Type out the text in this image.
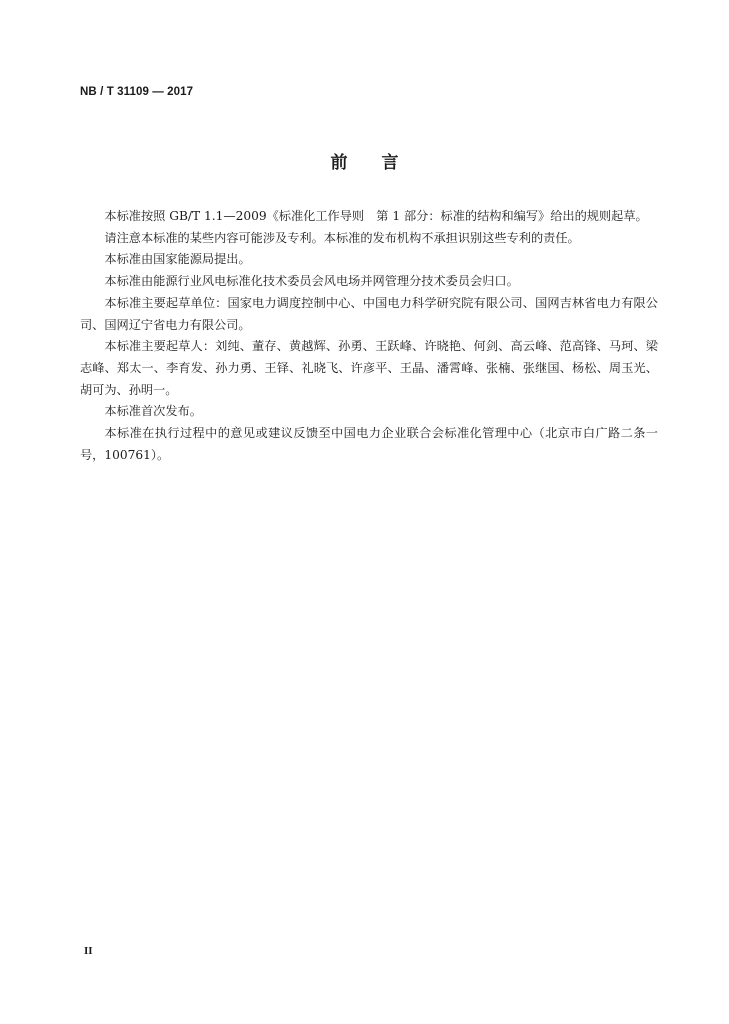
NB / T 31109 — 2017
前言

本标准按照 GB/T 1.1—2009《标准化工作导则　第 1 部分：标准的结构和编写》给出的规则起草。

请注意本标准的某些内容可能涉及专利。本标准的发布机构不承担识别这些专利的责任。

本标准由国家能源局提出。

本标准由能源行业风电标准化技术委员会风电场并网管理分技术委员会归口。

本标准主要起草单位：国家电力调度控制中心、中国电力科学研究院有限公司、国网吉林省电力有限公司、国网辽宁省电力有限公司。

本标准主要起草人：刘纯、董存、黄越辉、孙勇、王跃峰、许晓艳、何剑、高云峰、范高锋、马珂、梁志峰、郑太一、李育发、孙力勇、王铎、礼晓飞、许彦平、王晶、潘霄峰、张楠、张继国、杨松、周玉光、胡可为、孙明一。

本标准首次发布。

本标准在执行过程中的意见或建议反馈至中国电力企业联合会标准化管理中心（北京市白广路二条一号，100761）。

II
